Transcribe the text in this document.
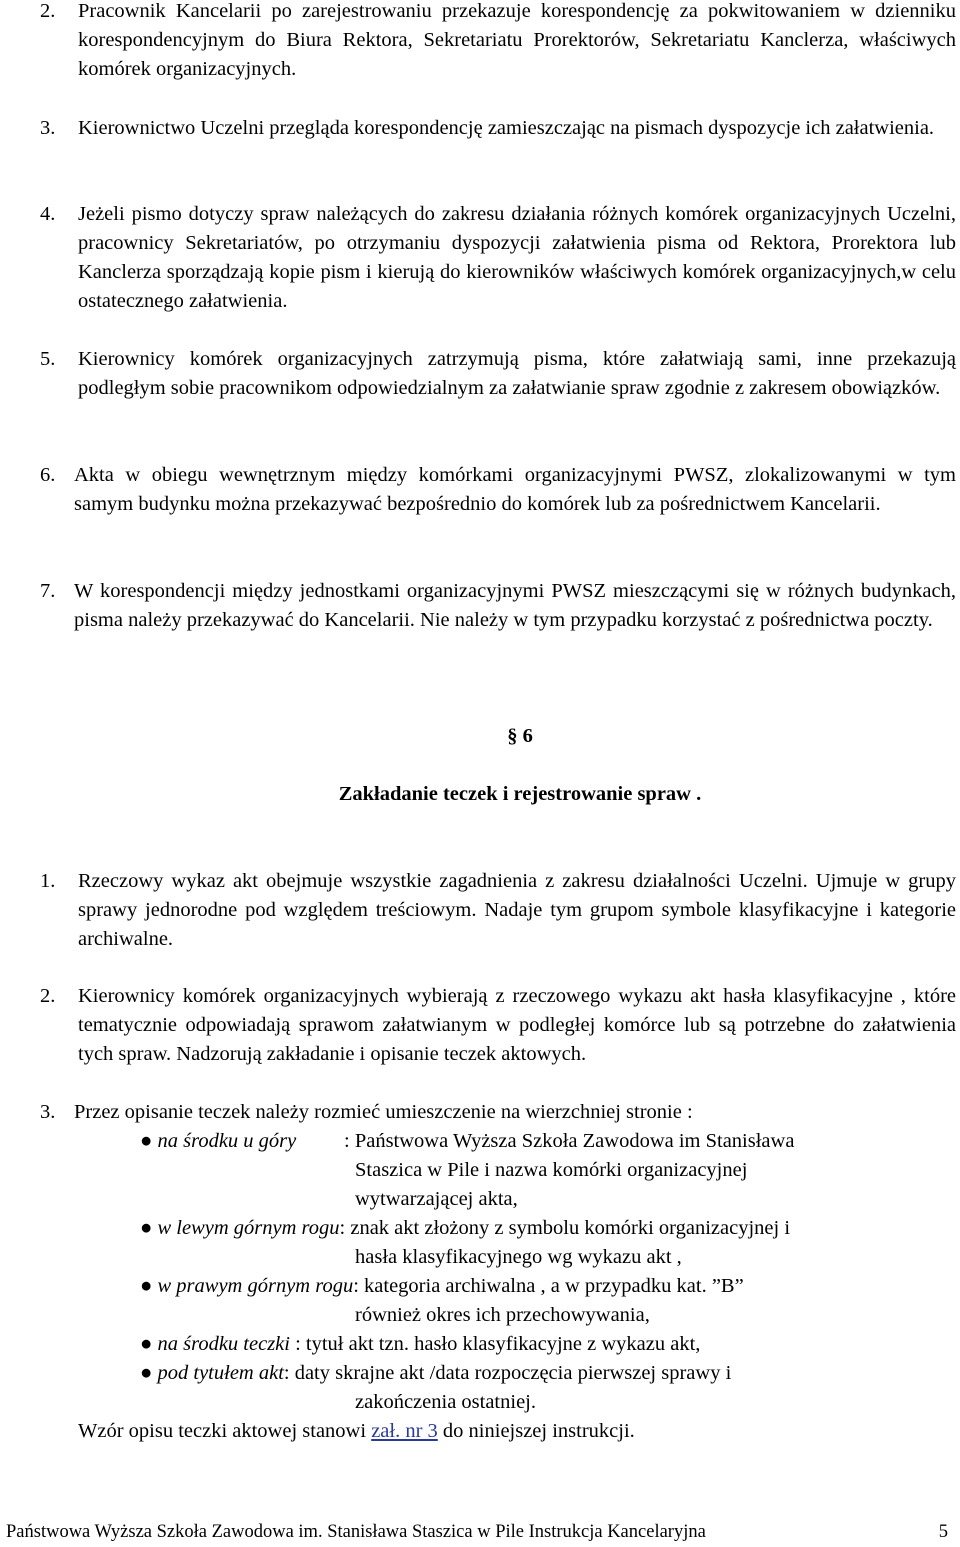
2. Pracownik Kancelarii po zarejestrowaniu przekazuje korespondencję za pokwitowaniem w dzienniku korespondencyjnym do Biura Rektora, Sekretariatu Prorektorów, Sekretariatu Kanclerza, właściwych komórek organizacyjnych.
3. Kierownictwo Uczelni przegląda korespondencję zamieszczając na pismach dyspozycje ich załatwienia.
4. Jeżeli pismo dotyczy spraw należących do zakresu działania różnych komórek organizacyjnych Uczelni, pracownicy Sekretariatów, po otrzymaniu dyspozycji załatwienia pisma od Rektora, Prorektora lub Kanclerza sporządzają kopie pism i kierują do kierowników właściwych komórek organizacyjnych,w celu ostatecznego załatwienia.
5. Kierownicy komórek organizacyjnych zatrzymują pisma, które załatwiają sami, inne przekazują podległym sobie pracownikom odpowiedzialnym za załatwianie spraw zgodnie z zakresem obowiązków.
6. Akta w obiegu wewnętrznym między komórkami organizacyjnymi PWSZ, zlokalizowanymi w tym samym budynku można przekazywać bezpośrednio do komórek lub za pośrednictwem Kancelarii.
7. W korespondencji między jednostkami organizacyjnymi PWSZ mieszczącymi się w różnych budynkach, pisma należy przekazywać do Kancelarii. Nie należy w tym przypadku korzystać z pośrednictwa poczty.
§ 6
Zakładanie teczek i rejestrowanie spraw .
1. Rzeczowy wykaz akt obejmuje wszystkie zagadnienia z zakresu działalności Uczelni. Ujmuje w grupy sprawy jednorodne pod względem treściowym. Nadaje tym grupom symbole klasyfikacyjne i kategorie archiwalne.
2. Kierownicy komórek organizacyjnych wybierają z rzeczowego wykazu akt hasła klasyfikacyjne , które tematycznie odpowiadają sprawom załatwianym w podległej komórce lub są potrzebne do załatwienia tych spraw. Nadzorują zakładanie i opisanie teczek aktowych.
3. Przez opisanie teczek należy rozmieć umieszczenie na wierzchniej stronie :
● na środku u góry : Państwowa Wyższa Szkoła Zawodowa im Stanisława
Staszica w Pile i nazwa komórki organizacyjnej
wytwarzającej akta,
● w lewym górnym rogu: znak akt złożony z symbolu komórki organizacyjnej i
hasła klasyfikacyjnego wg wykazu akt ,
● w prawym górnym rogu: kategoria archiwalna , a w przypadku kat. ”B”
również okres ich przechowywania,
● na środku teczki : tytuł akt tzn. hasło klasyfikacyjne z wykazu akt,
● pod tytułem akt: daty skrajne akt /data rozpoczęcia pierwszej sprawy i
zakończenia ostatniej.
Wzór opisu teczki aktowej stanowi zał. nr 3 do niniejszej instrukcji.
Państwowa Wyższa Szkoła Zawodowa im. Stanisława Staszica w Pile Instrukcja Kancelaryjna	5
